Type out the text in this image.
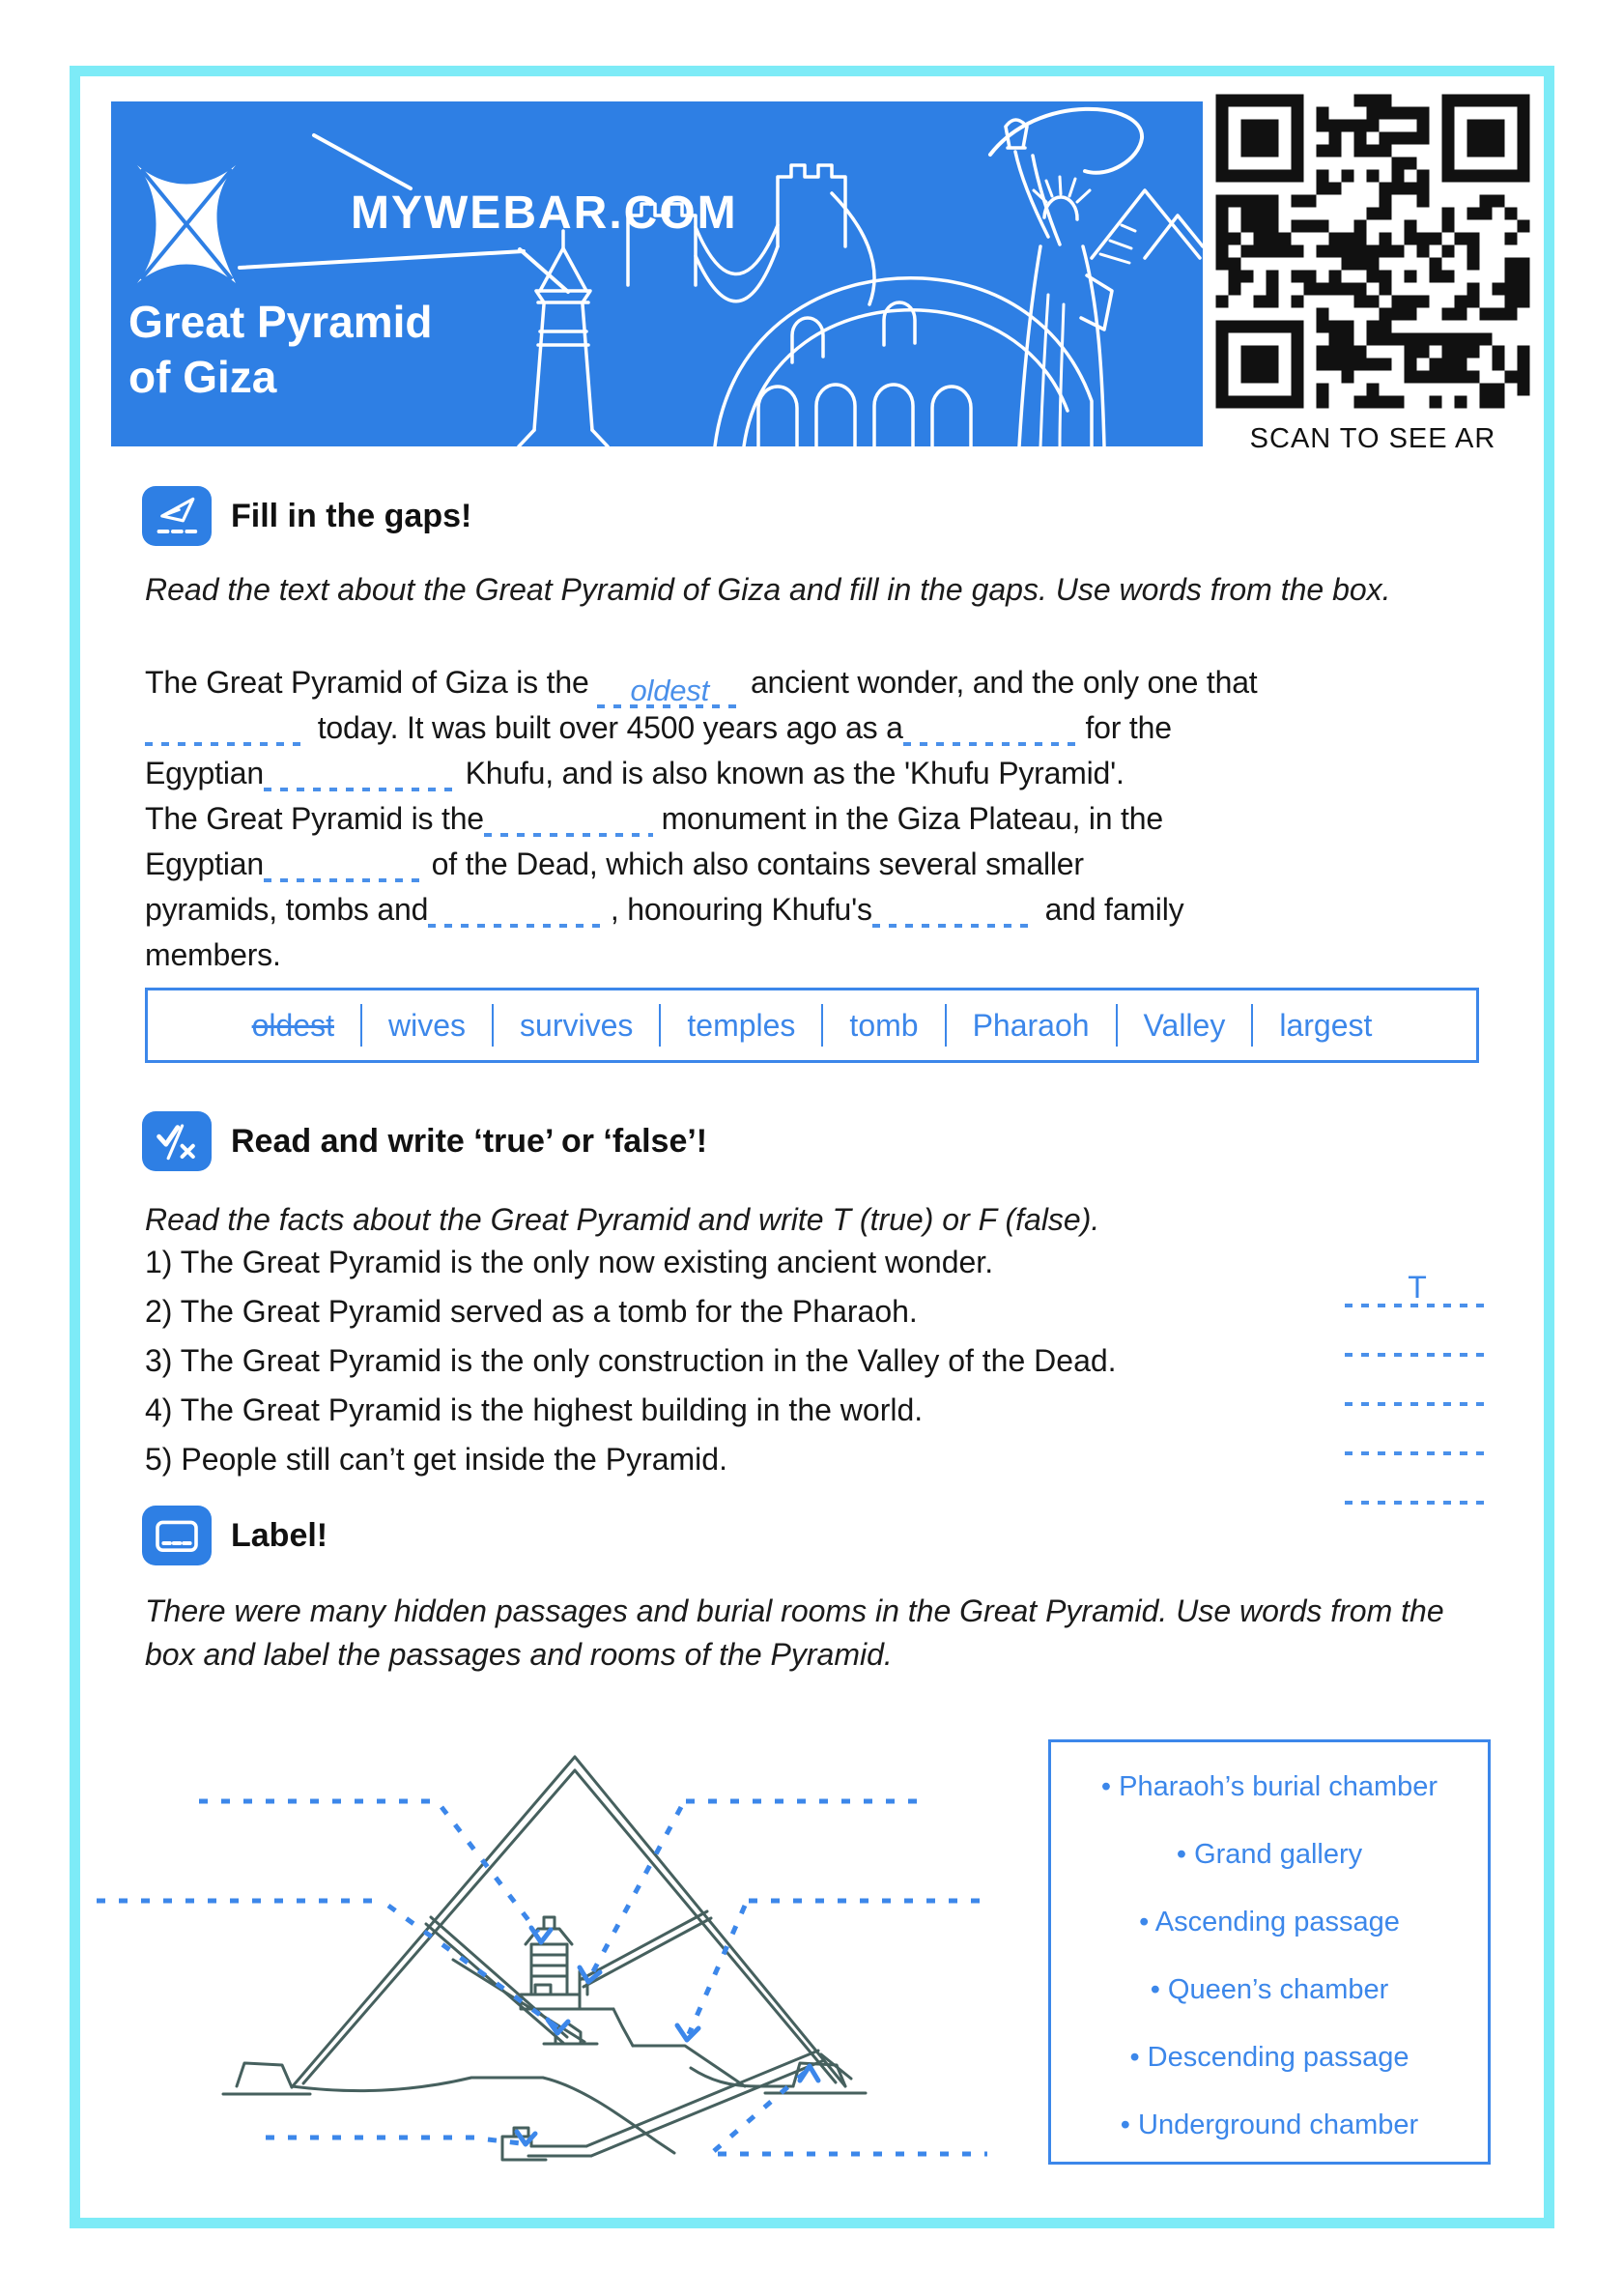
MYWEBAR.COM
Great Pyramid
of Giza
SCAN TO SEE AR
Fill in the gaps!
Read the text about the Great Pyramid of Giza and fill in the gaps. Use words from the box.
The Great Pyramid of Giza is the	oldest	ancient wonder, and the only one that
today. It was built over 4500 years ago as a	for the
Egyptian	Khufu, and is also known as the 'Khufu Pyramid'.
The Great Pyramid is the	monument in the Giza Plateau, in the
Egyptian	of the Dead, which also contains several smaller
pyramids, tombs and	, honouring Khufu's	and family
members.
oldest	wives	survives	temples	tomb	Pharaoh	Valley	largest
Read and write ‘true’ or ‘false’!
Read the facts about the Great Pyramid and write T (true) or F (false).
1) The Great Pyramid is the only now existing ancient wonder.
T
2) The Great Pyramid served as a tomb for the Pharaoh.
3) The Great Pyramid is the only construction in the Valley of the Dead.
4) The Great Pyramid is the highest building in the world.
5) People still can’t get inside the Pyramid.
Label!
There were many hidden passages and burial rooms in the Great Pyramid. Use words from the box and label the passages and rooms of the Pyramid.
• Pharaoh’s burial chamber
• Grand gallery
• Ascending passage
• Queen’s chamber
• Descending passage
• Underground chamber
